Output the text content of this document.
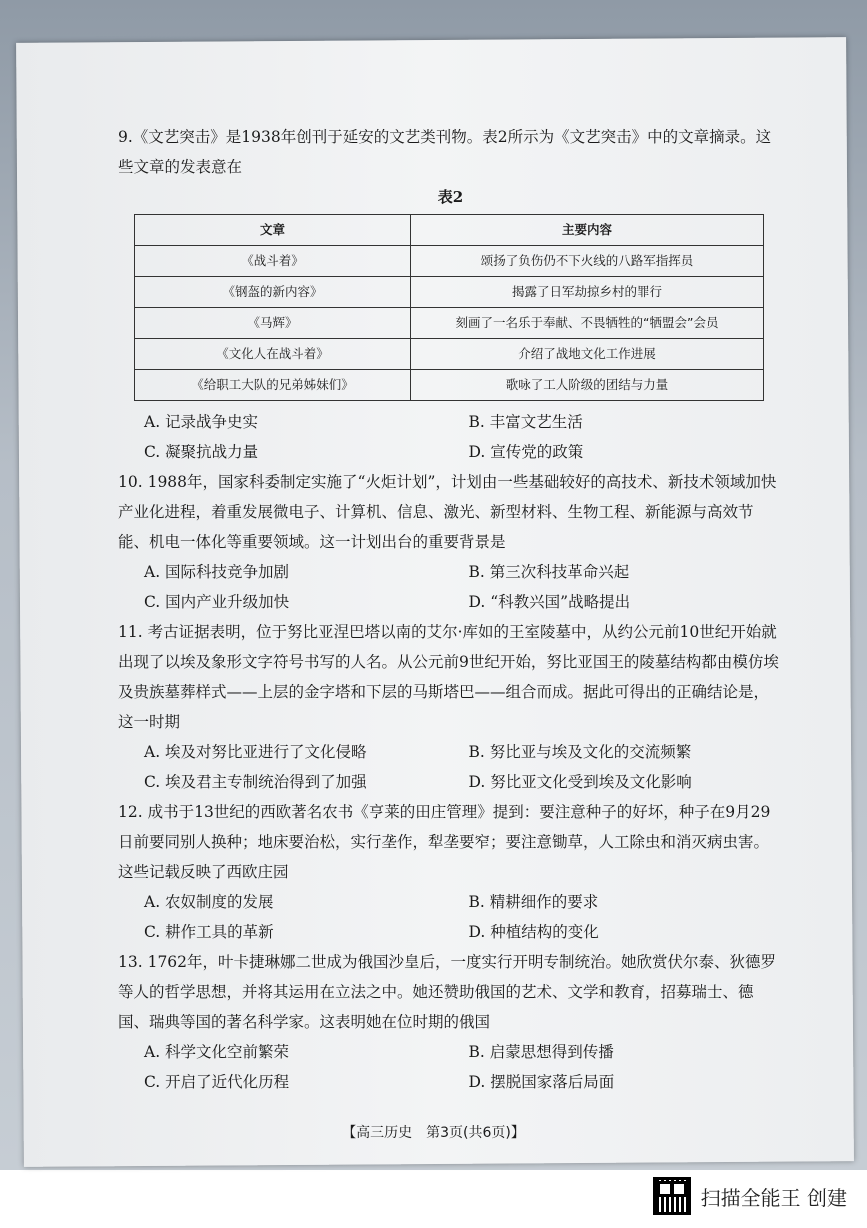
9.《文艺突击》是1938年创刊于延安的文艺类刊物。表2所示为《文艺突击》中的文章摘录。这些文章的发表意在
表2
文章	主要内容
《战斗着》	颂扬了负伤仍不下火线的八路军指挥员
《钢盔的新内容》	揭露了日军劫掠乡村的罪行
《马辉》	刻画了一名乐于奉献、不畏牺牲的“牺盟会”会员
《文化人在战斗着》	介绍了战地文化工作进展
《给职工大队的兄弟姊妹们》	歌咏了工人阶级的团结与力量
A. 记录战争史实	B. 丰富文艺生活
C. 凝聚抗战力量	D. 宣传党的政策
10. 1988年，国家科委制定实施了“火炬计划”，计划由一些基础较好的高技术、新技术领域加快产业化进程，着重发展微电子、计算机、信息、激光、新型材料、生物工程、新能源与高效节能、机电一体化等重要领域。这一计划出台的重要背景是
A. 国际科技竞争加剧	B. 第三次科技革命兴起
C. 国内产业升级加快	D. “科教兴国”战略提出
11. 考古证据表明，位于努比亚涅巴塔以南的艾尔·库如的王室陵墓中，从约公元前10世纪开始就出现了以埃及象形文字符号书写的人名。从公元前9世纪开始，努比亚国王的陵墓结构都由模仿埃及贵族墓葬样式——上层的金字塔和下层的马斯塔巴——组合而成。据此可得出的正确结论是，这一时期
A. 埃及对努比亚进行了文化侵略	B. 努比亚与埃及文化的交流频繁
C. 埃及君主专制统治得到了加强	D. 努比亚文化受到埃及文化影响
12. 成书于13世纪的西欧著名农书《亨莱的田庄管理》提到：要注意种子的好坏，种子在9月29日前要同别人换种；地床要治松，实行垄作，犁垄要窄；要注意锄草，人工除虫和消灭病虫害。这些记载反映了西欧庄园
A. 农奴制度的发展	B. 精耕细作的要求
C. 耕作工具的革新	D. 种植结构的变化
13. 1762年，叶卡捷琳娜二世成为俄国沙皇后，一度实行开明专制统治。她欣赏伏尔泰、狄德罗等人的哲学思想，并将其运用在立法之中。她还赞助俄国的艺术、文学和教育，招募瑞士、德国、瑞典等国的著名科学家。这表明她在位时期的俄国
A. 科学文化空前繁荣	B. 启蒙思想得到传播
C. 开启了近代化历程	D. 摆脱国家落后局面
【高三历史　第3页(共6页)】
扫描全能王 创建
